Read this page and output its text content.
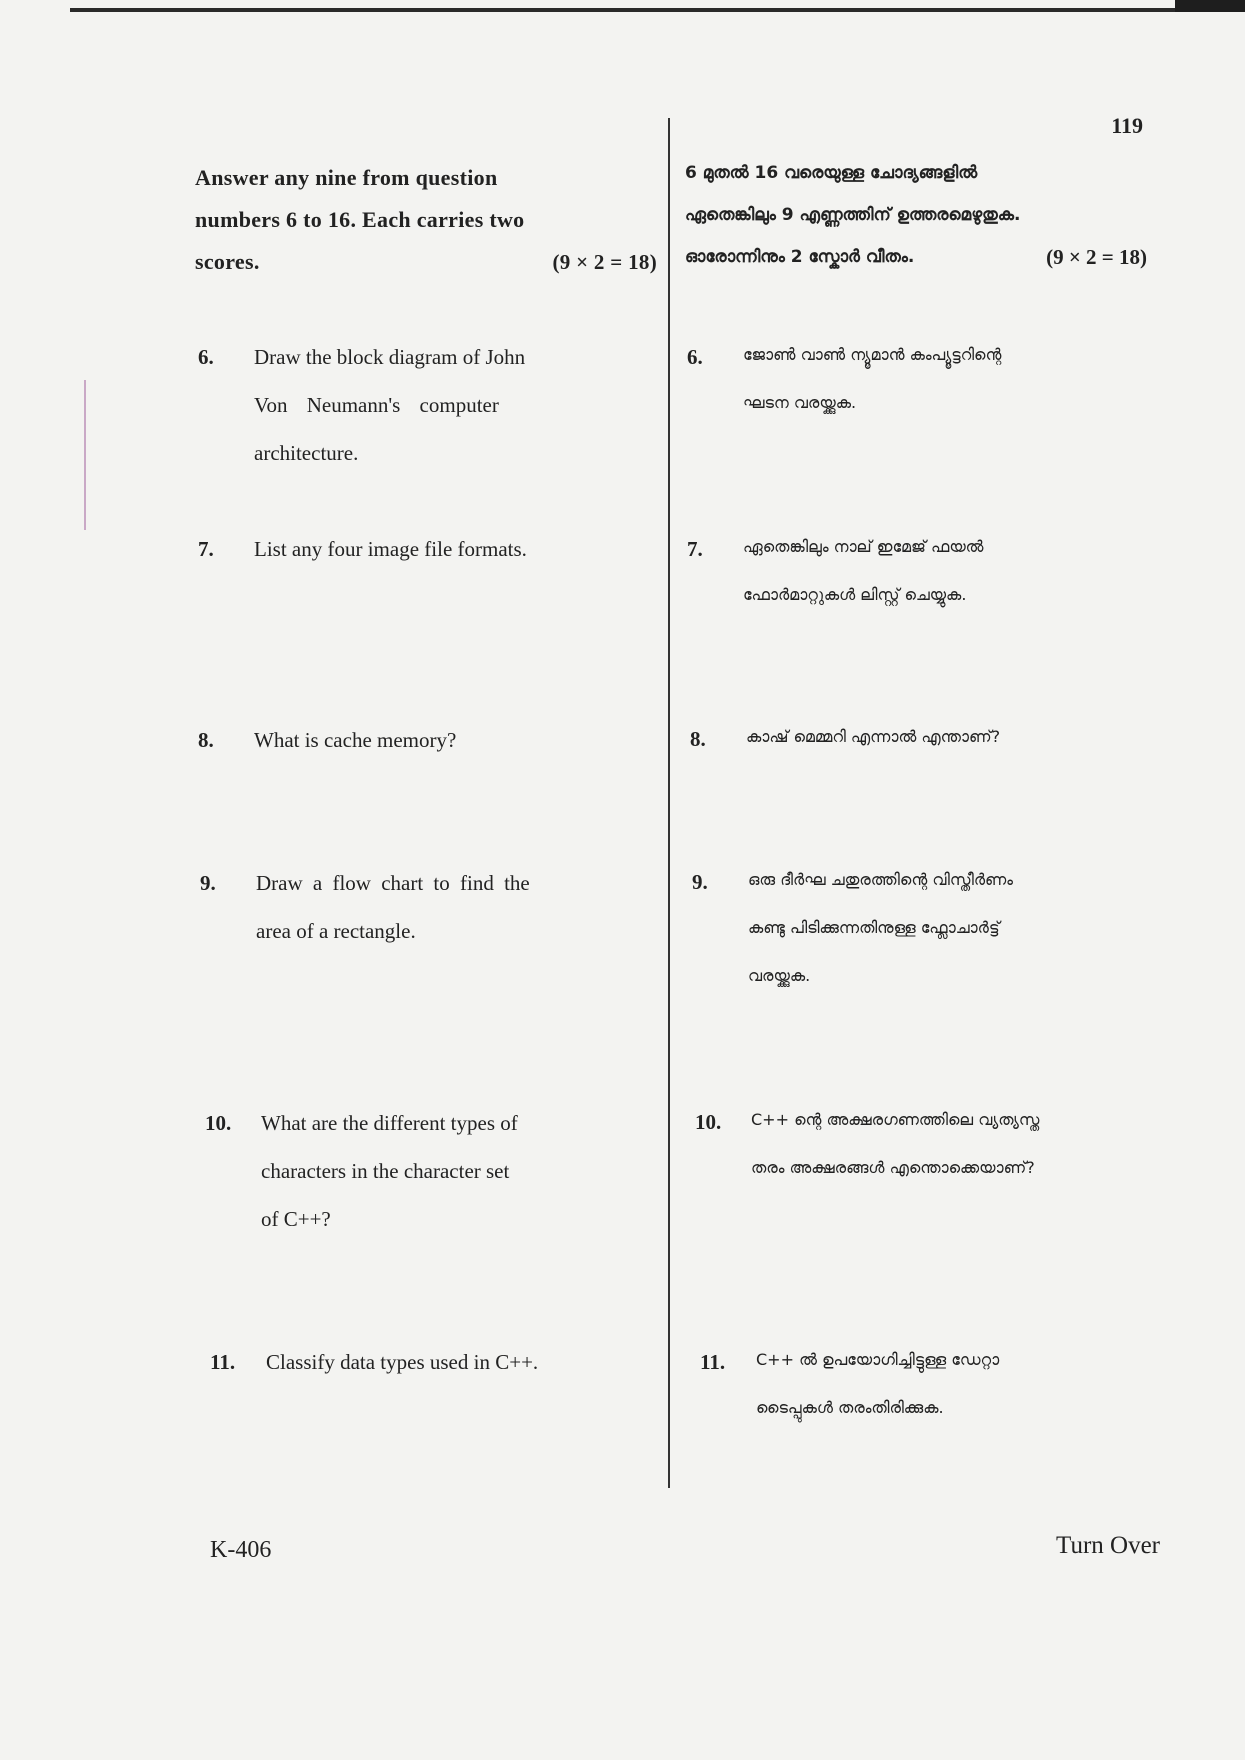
119
Answer any nine from question
numbers 6 to 16. Each carries two
scores.	(9 × 2 = 18)
6.	Draw the block diagram of John
Von Neumann's computer
architecture.
7.	List any four image file formats.
8.	What is cache memory?
9.	Draw a flow chart to find the
area of a rectangle.
10.	What are the different types of
characters in the character set
of C++?
11.	Classify data types used in C++.
6 മുതൽ 16 വരെയുള്ള ചോദ്യങ്ങളിൽ
ഏതെങ്കിലും 9 എണ്ണത്തിന് ഉത്തരമെഴുതുക.
ഓരോന്നിനും 2 സ്കോർ വീതം.	(9 × 2 = 18)
6.	ജോൺ വാൺ ന്യൂമാൻ കംപ്യൂട്ടറിന്റെ
ഘടന വരയ്ക്കുക.
7.	ഏതെങ്കിലും നാല് ഇമേജ് ഫയൽ
ഫോർമാറ്റുകൾ ലിസ്റ്റ് ചെയ്യുക.
8.	കാഷ് മെമ്മറി എന്നാൽ എന്താണ്?
9.	ഒരു ദീർഘ ചതുരത്തിന്റെ വിസ്തീർണം
കണ്ടു പിടിക്കുന്നതിനുള്ള ഫ്ലോചാർട്ട്
വരയ്ക്കുക.
10.	C++ ന്റെ അക്ഷരഗണത്തിലെ വ്യത്യസ്ത
തരം അക്ഷരങ്ങൾ എന്തൊക്കെയാണ്?
11.	C++ ൽ ഉപയോഗിച്ചിട്ടുള്ള ഡേറ്റാ
ടൈപ്പുകൾ തരംതിരിക്കുക.
K-406	Turn Over
